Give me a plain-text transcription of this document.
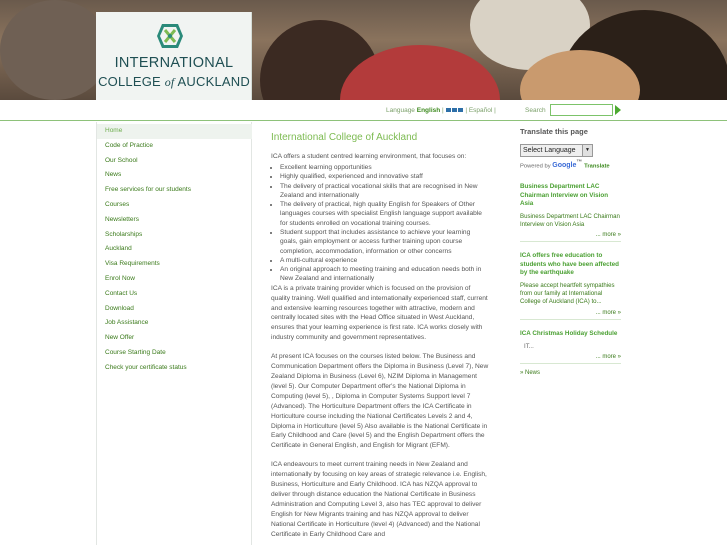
INTERNATIONAL
COLLEGE of AUCKLAND
Language English |	| Español |	Search
Home
Code of Practice
Our School
News
Free services for our students
Courses
Newsletters
Scholarships
Auckland
Visa Requirements
Enrol Now
Contact Us
Download
Job Assistance
New Offer
Course Starting Date
Check your certificate status
International College of Auckland
ICA offers a student centred learning environment, that focuses on:
• Excellent learning opportunities
• Highly qualified, experienced and innovative staff
• The delivery of practical vocational skills that are recognised in New Zealand and internationally
• The delivery of practical, high quality English for Speakers of Other languages courses with specialist English language support available for students enrolled on vocational training courses.
• Student support that includes assistance to achieve your learning goals, gain employment or access further training upon course completion, accommodation, information or other concerns
• A multi-cultural experience
• An original approach to meeting training and education needs both in New Zealand and internationally
ICA is a private training provider which is focused on the provision of quality training. Well qualified and internationally experienced staff, current and extensive learning resources together with attractive, modern and centrally located sites with the Head Office situated in West Auckland, ensures that your learning experience is first rate. ICA works closely with industry community and government representatives.
At present ICA focuses on the courses listed below. The Business and Communication Department offers the Diploma in Business (Level 7), New Zealand Diploma in Business (Level 6), NZIM Diploma in Management (level 5). Our Computer Department offer's the National Diploma in Computing (level 5), , Diploma in Computer Systems Support level 7 (Advanced). The Horticulture Department offers the ICA Certificate in Horticulture course including the National Certificates Levels 2 and 4, Diploma in Horticulture (level 5) Also available is the National Certificate in Early Childhood and Care (level 5) and the English Department offers the Certificate in General English, and English for Migrant (EFM).
ICA endeavours to meet current training needs in New Zealand and internationally by focusing on key areas of strategic relevance i.e. English, Business, Horticulture and Early Childhood. ICA has NZQA approval to deliver through distance education the National Certificate in Business Administration and Computing Level 3, also has TEC approval to deliver English for New Migrants training and has NZQA approval to deliver National Certificate in Horticulture (level 4) (Advanced) and the National Certificate in Early Childhood Care and
Translate this page
Select Language	▼
Powered by Google™ Translate
Business Department LAC Chairman Interview on Vision Asia
Business Department LAC Chairman Interview on Vision Asia
... more »
ICA offers free education to students who have been affected by the earthquake
Please accept heartfelt sympathies from our family at International College of Auckland (ICA) to...
... more »
ICA Christmas Holiday Schedule
IT...
... more »
» News
